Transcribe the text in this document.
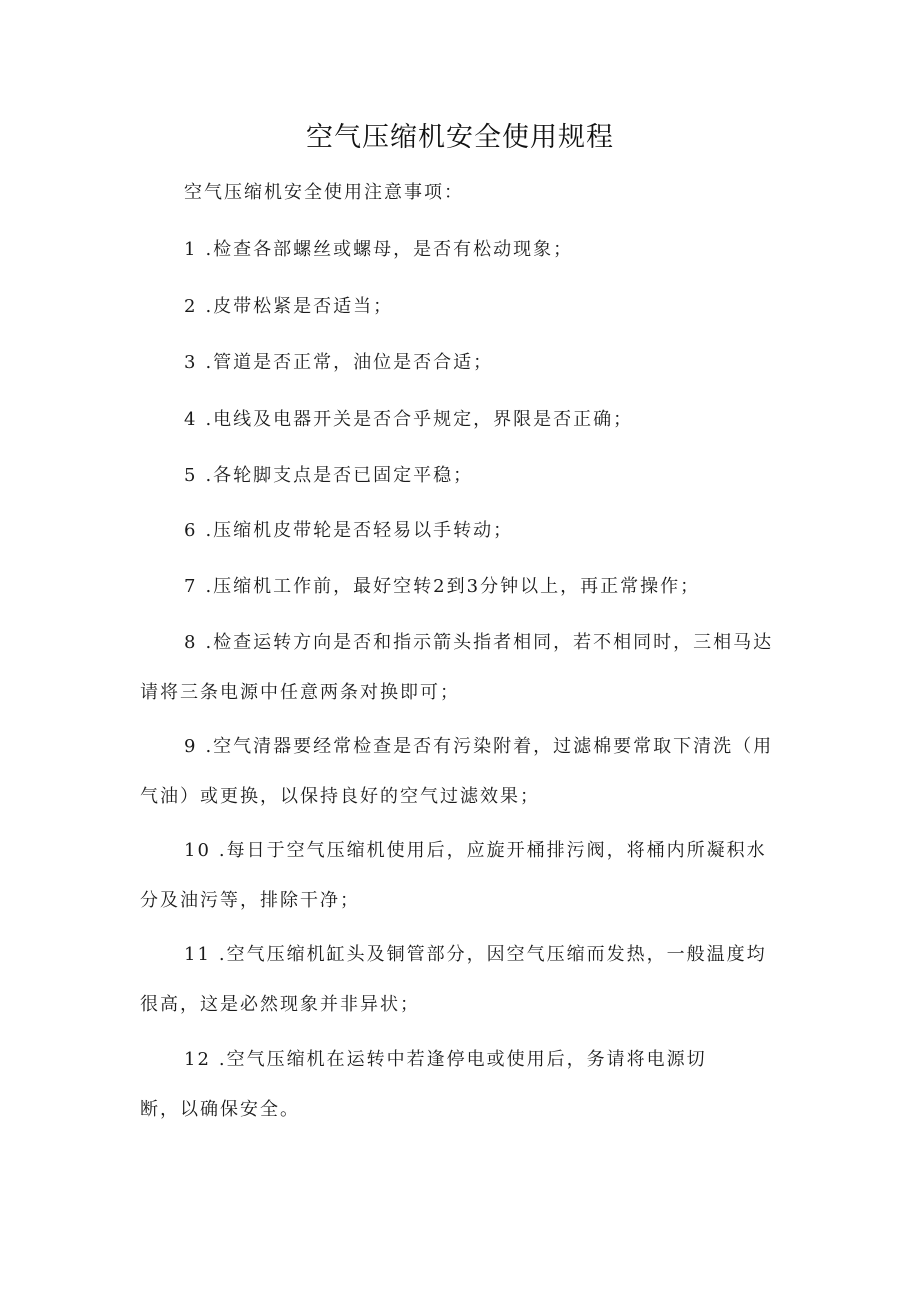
空气压缩机安全使用规程
空气压缩机安全使用注意事项：
1 .检查各部螺丝或螺母，是否有松动现象；
2 .皮带松紧是否适当；
3 .管道是否正常，油位是否合适；
4 .电线及电器开关是否合乎规定，界限是否正确；
5 .各轮脚支点是否已固定平稳；
6 .压缩机皮带轮是否轻易以手转动；
7 .压缩机工作前，最好空转2到3分钟以上，再正常操作；
8 .检查运转方向是否和指示箭头指者相同，若不相同时，三相马达
请将三条电源中任意两条对换即可；
9 .空气清器要经常检查是否有污染附着，过滤棉要常取下清洗（用
气油）或更换，以保持良好的空气过滤效果；
10 .每日于空气压缩机使用后，应旋开桶排污阀，将桶内所凝积水
分及油污等，排除干净；
11 .空气压缩机缸头及铜管部分，因空气压缩而发热，一般温度均
很高，这是必然现象并非异状；
12 .空气压缩机在运转中若逢停电或使用后，务请将电源切
断，以确保安全。
